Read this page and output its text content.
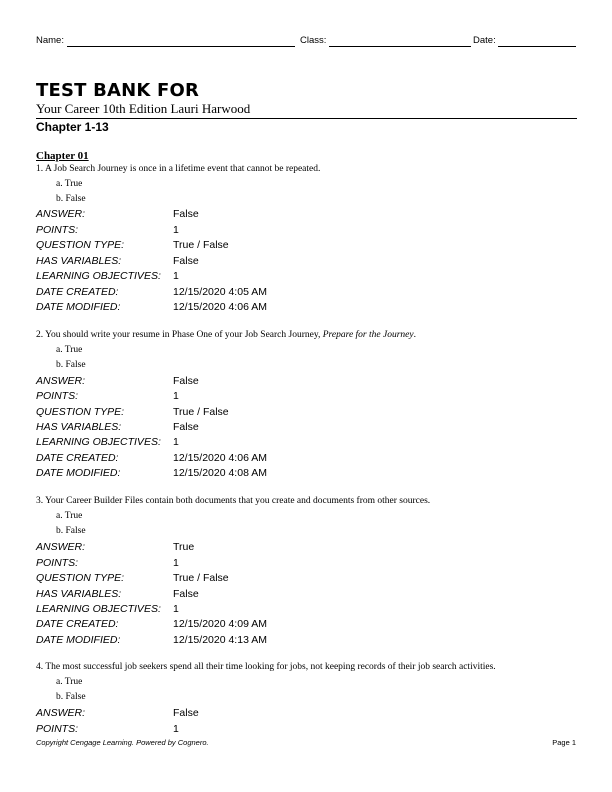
Name:	Class:	Date:
TEST BANK FOR
Your Career 10th Edition Lauri Harwood
Chapter 1-13
Chapter 01
1. A Job Search Journey is once in a lifetime event that cannot be repeated.
a. True
b. False
ANSWER:	False
POINTS:	1
QUESTION TYPE:	True / False
HAS VARIABLES:	False
LEARNING OBJECTIVES: 1
DATE CREATED:	12/15/2020 4:05 AM
DATE MODIFIED:	12/15/2020 4:06 AM
2. You should write your resume in Phase One of your Job Search Journey, Prepare for the Journey.
a. True
b. False
ANSWER:	False
POINTS:	1
QUESTION TYPE:	True / False
HAS VARIABLES:	False
LEARNING OBJECTIVES: 1
DATE CREATED:	12/15/2020 4:06 AM
DATE MODIFIED:	12/15/2020 4:08 AM
3. Your Career Builder Files contain both documents that you create and documents from other sources.
a. True
b. False
ANSWER:	True
POINTS:	1
QUESTION TYPE:	True / False
HAS VARIABLES:	False
LEARNING OBJECTIVES: 1
DATE CREATED:	12/15/2020 4:09 AM
DATE MODIFIED:	12/15/2020 4:13 AM
4. The most successful job seekers spend all their time looking for jobs, not keeping records of their job search activities.
a. True
b. False
ANSWER:	False
POINTS:	1
Copyright Cengage Learning. Powered by Cognero.	Page 1
